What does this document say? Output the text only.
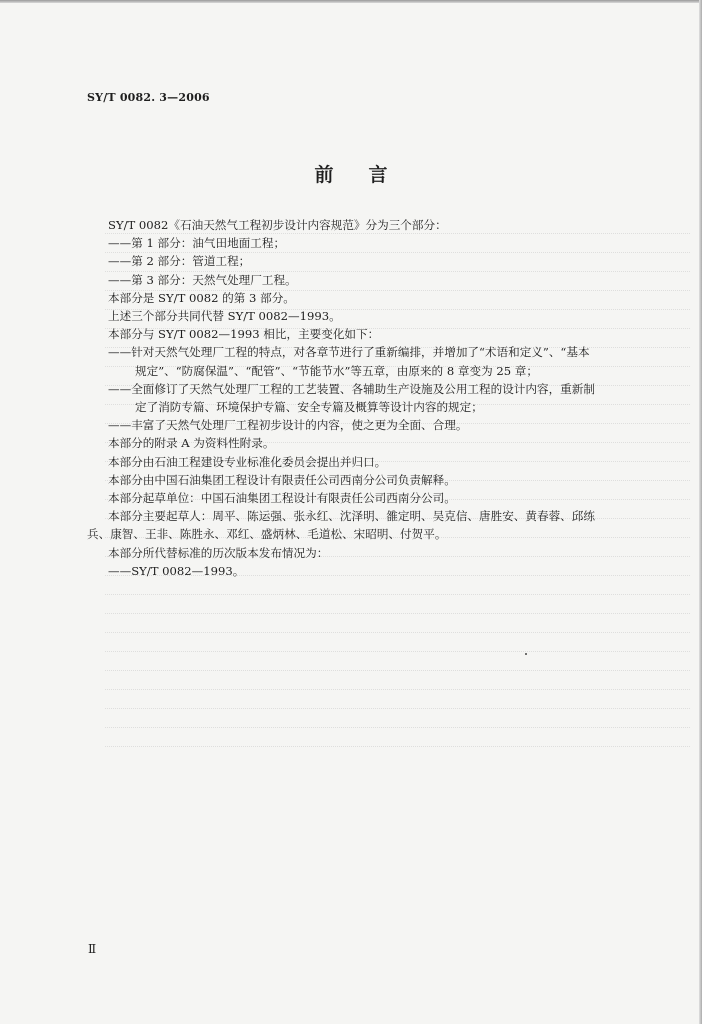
SY/T 0082. 3—2006
前言
SY/T 0082《石油天然气工程初步设计内容规范》分为三个部分：
——第 1 部分：油气田地面工程；
——第 2 部分：管道工程；
——第 3 部分：天然气处理厂工程。
本部分是 SY/T 0082 的第 3 部分。
上述三个部分共同代替 SY/T 0082—1993。
本部分与 SY/T 0082—1993 相比，主要变化如下：
——针对天然气处理厂工程的特点，对各章节进行了重新编排，并增加了“术语和定义”、“基本
规定”、“防腐保温”、“配管”、“节能节水”等五章，由原来的 8 章变为 25 章；
——全面修订了天然气处理厂工程的工艺装置、各辅助生产设施及公用工程的设计内容，重新制
定了消防专篇、环境保护专篇、安全专篇及概算等设计内容的规定；
——丰富了天然气处理厂工程初步设计的内容，使之更为全面、合理。
本部分的附录 A 为资料性附录。
本部分由石油工程建设专业标准化委员会提出并归口。
本部分由中国石油集团工程设计有限责任公司西南分公司负责解释。
本部分起草单位：中国石油集团工程设计有限责任公司西南分公司。
本部分主要起草人：周平、陈运强、张永红、沈泽明、雒定明、吴克信、唐胜安、黄春蓉、邱练
兵、康智、王非、陈胜永、邓红、盛炳林、毛道松、宋昭明、付贺平。
本部分所代替标准的历次版本发布情况为：
——SY/T 0082—1993。
Ⅱ
